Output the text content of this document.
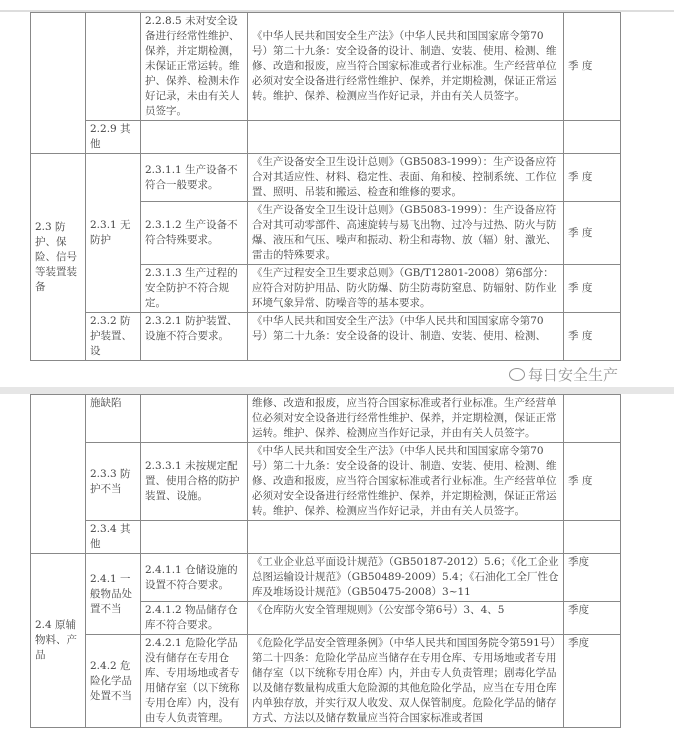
		2.2.8.5 未对安全设备进行经常性维护、保养，并定期检测，未保证正常运转。维护、保养、检测未作好记录，未由有关人员签字。	《中华人民共和国安全生产法》（中华人民共和国国家席令第70号）第二十九条：安全设备的设计、制造、安装、使用、检测、维修、改造和报废，应当符合国家标准或者行业标准。生产经营单位必须对安全设备进行经常性维护、保养，并定期检测，保证正常运转。维护、保养、检测应当作好记录，并由有关人员签字。	季 度
	2.2.9 其他			
2.3 防护、保险、信号等装置装备	2.3.1 无防护	2.3.1.1 生产设备不符合一般要求。	《生产设备安全卫生设计总则》（GB5083-1999）：生产设备应符合对其适应性、材料、稳定性、表面、角和棱、控制系统、工作位置、照明、吊装和搬运、检查和维修的要求。	季 度
		2.3.1.2 生产设备不符合特殊要求。	《生产设备安全卫生设计总则》（GB5083-1999）：生产设备应符合对其可动零部件、高速旋转与易飞出物、过冷与过热、防火与防爆、液压和气压、噪声和振动、粉尘和毒物、放（辐）射、激光、雷击的特殊要求。	季 度
		2.3.1.3 生产过程的安全防护不符合规定。	《生产过程安全卫生要求总则》（GB/T12801-2008）第6部分：应符合对防护用品、防火防爆、防尘防毒防窒息、防辐射、防作业环境气象异常、防噪音等的基本要求。	季 度
	2.3.2 防护装置、设	2.3.2.1 防护装置、设施不符合要求。	《中华人民共和国安全生产法》（中华人民共和国国家席令第70号）第二十九条：安全设备的设计、制造、安装、使用、检测、	季 度
每日安全生产
	施缺陷		维修、改造和报废，应当符合国家标准或者行业标准。生产经营单位必须对安全设备进行经常性维护、保养，并定期检测，保证正常运转。维护、保养、检测应当作好记录，并由有关人员签字。	
	2.3.3 防护不当	2.3.3.1 未按规定配置、使用合格的防护装置、设施。	《中华人民共和国安全生产法》（中华人民共和国国家席令第70号）第二十九条：安全设备的设计、制造、安装、使用、检测、维修、改造和报废，应当符合国家标准或者行业标准。生产经营单位必须对安全设备进行经常性维护、保养，并定期检测，保证正常运转。维护、保养、检测应当作好记录，并由有关人员签字。	季 度
	2.3.4 其他			
2.4 原辅物料、产品	2.4.1 一般物品处置不当	2.4.1.1 仓储设施的设置不符合要求。	《工业企业总平面设计规范》（GB50187-2012）5.6；《化工企业总图运输设计规范》（GB50489-2009）5.4；《石油化工全厂性仓库及堆场设计规范》（GB50475-2008）3~11	季度
		2.4.1.2 物品储存仓库不符合要求。	《仓库防火安全管理规则》（公安部令第6号）3、4、5	季度
	2.4.2 危险化学品处置不当	2.4.2.1 危险化学品没有储存在专用仓库、专用场地或者专用储存室（以下统称专用仓库）内，没有由专人负责管理。	《危险化学品安全管理条例》（中华人民共和国国务院令第591号）第二十四条：危险化学品应当储存在专用仓库、专用场地或者专用储存室（以下统称专用仓库）内，并由专人负责管理；剧毒化学品以及储存数量构成重大危险源的其他危险化学品，应当在专用仓库内单独存放，并实行双人收发、双人保管制度。危险化学品的储存方式、方法以及储存数量应当符合国家标准或者国	季度
